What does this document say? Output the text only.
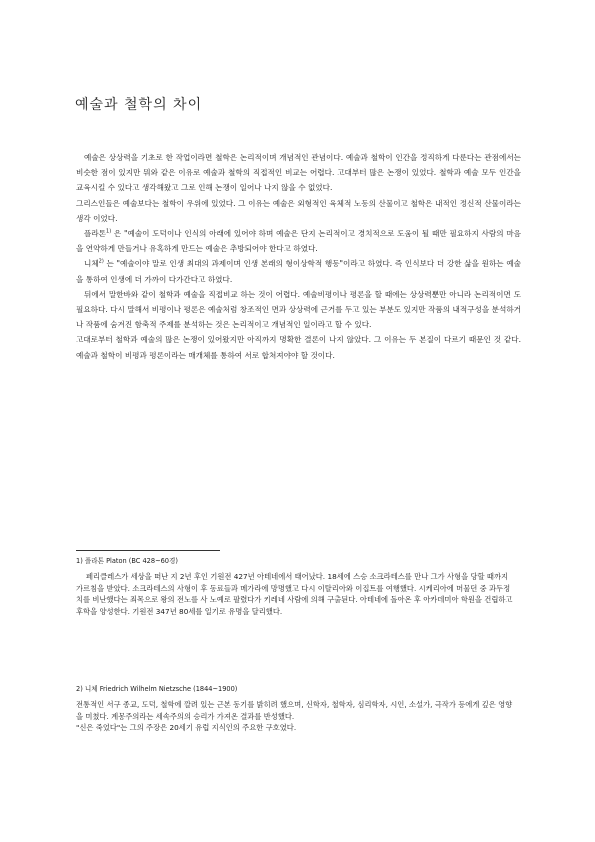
예술과 철학의 차이

예술은 상상력을 기초로 한 작업이라면 철학은 논리적이며 개념적인 관념이다. 예술과 철학이 인간을 정직하게 다룬다는 관점에서는 비슷한 점이 있지만 뭐와 같은 이유로 예술과 철학의 직접적인 비교는 어렵다. 고대부터 많은 논쟁이 있었다. 철학과 예술 모두 인간을 교육시킬 수 있다고 생각해왔고 그로 인해 논쟁이 일어나 나지 않을 수 없었다.

그리스인들은 예술보다는 철학이 우위에 있었다. 그 이유는 예술은 외형적인 육체적 노동의 산물이고 철학은 내적인 정신적 산물이라는 생각 이었다.

플라톤$^{1)}$ 은 "예술이 도덕이나 인식의 아래에 있어야 하며 예술은 단지 논리적이고 경치적으로 도움이 될 때만 필요하지 사람의 마음을 연약하게 만들거나 유혹하게 만드는 예술은 추방되어야 한다고 하였다.

니체$^{2)}$ 는 "예술이야 말로 인생 최대의 과제이며 인생 본래의 형이상학적 행동"이라고 하였다. 즉 인식보다 더 강한 삶을 원하는 예술을 통하여 인생에 더 가까이 다가간다고 하였다.

뒤에서 말한바와 같이 철학과 예술을 직접비교 하는 것이 어렵다. 예술비평이나 평론을 할 때에는 상상력뿐만 아니라 논리적이면 도 필요하다. 다시 말해서 비평이나 평론은 예술처럼 창조적인 면과 상상력에 근거를 두고 있는 부분도 있지만 작품의 내적구성을 분석하거나 작품에 숨겨진 함축적 주제를 분석하는 것은 논리적이고 개념적인 일이라고 할 수 있다.

고대로부터 철학과 예술의 많은 논쟁이 있어왔지만 아직까지 명확한 결론이 나지 않았다. 그 이유는 두 본질이 다르기 때문인 것 같다. 예술과 철학이 비평과 평론이라는 매개체를 통하여 서로 합쳐져야야 할 것이다.

1) 플라톤 Platon (BC 428~60경)

페리클레스가 세상을 떠난 지 2년 후인 기원전 427년 아테네에서 태어났다. 18세에 스승 소크라테스를 만나 그가 사형을 당할 때까지 가르침을 받았다. 소크라테스의 사형이 후 동료들과 메가라에 망명했고 다시 이탈리아와 이집트를 여행했다. 시케리아에 머물던 중 과두정치를 비난했다는 죄목으로 왕의 전노를 사 노예로 팔렸다가 키레네 사람에 의해 구출된다. 아테네에 돌아온 후 아카데미아 학원을 건립하고 후학을 양성한다. 기원전 347년 80세를 일기로 유명을 달리했다.

2) 니체 Friedrich Wilhelm Nietzsche (1844~1900)

전통적인 서구 종교, 도덕, 철학에 깔려 있는 근본 동기를 밝히려 했으며, 신학자, 철학자, 심리학자, 시인, 소설가, 극작가 등에게 깊은 영향을 미쳤다. 계몽주의라는 세속주의의 승리가 가져온 결과를 반성했다.

"신은 죽었다"는 그의 주장은 20세기 유럽 지식인의 주요한 구호였다.
